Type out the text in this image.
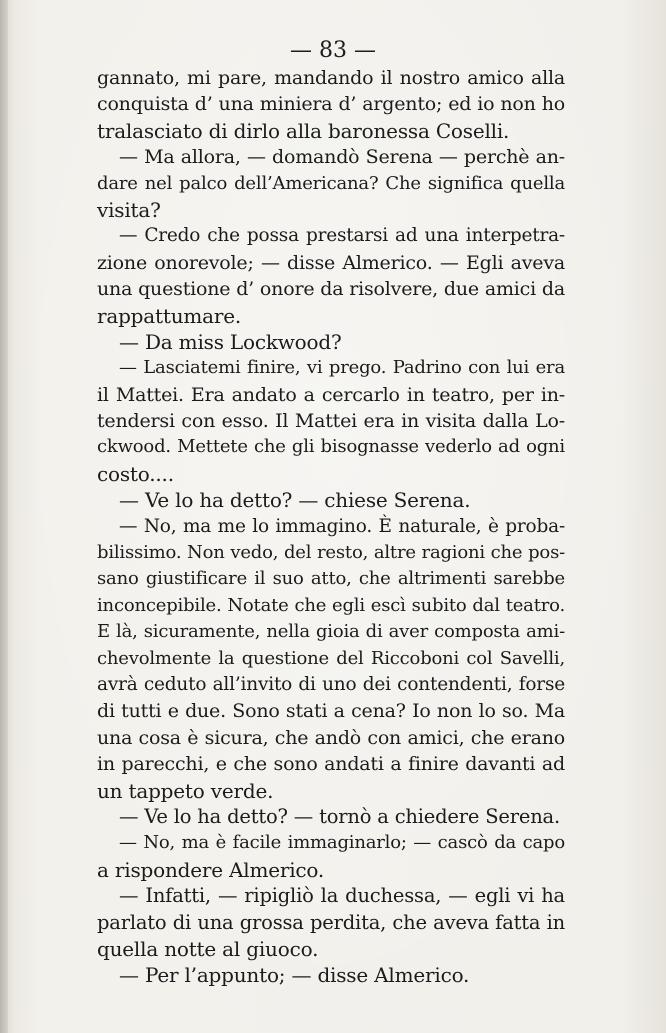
— 83 —
gannato, mi pare, mandando il nostro amico alla
conquista d’ una miniera d’ argento; ed io non ho
tralasciato di dirlo alla baronessa Coselli.
— Ma allora, — domandò Serena — perchè an-
dare nel palco dell’Americana? Che significa quella
visita?
— Credo che possa prestarsi ad una interpetra-
zione onorevole; — disse Almerico. — Egli aveva
una questione d’ onore da risolvere, due amici da
rappattumare.
— Da miss Lockwood?
— Lasciatemi finire, vi prego. Padrino con lui era
il Mattei. Era andato a cercarlo in teatro, per in-
tendersi con esso. Il Mattei era in visita dalla Lo-
ckwood. Mettete che gli bisognasse vederlo ad ogni
costo....
— Ve lo ha detto? — chiese Serena.
— No, ma me lo immagino. È naturale, è proba-
bilissimo. Non vedo, del resto, altre ragioni che pos-
sano giustificare il suo atto, che altrimenti sarebbe
inconcepibile. Notate che egli escì subito dal teatro.
E là, sicuramente, nella gioia di aver composta ami-
chevolmente la questione del Riccoboni col Savelli,
avrà ceduto all’invito di uno dei contendenti, forse
di tutti e due. Sono stati a cena? Io non lo so. Ma
una cosa è sicura, che andò con amici, che erano
in parecchi, e che sono andati a finire davanti ad
un tappeto verde.
— Ve lo ha detto? — tornò a chiedere Serena.
— No, ma è facile immaginarlo; — cascò da capo
a rispondere Almerico.
— Infatti, — ripigliò la duchessa, — egli vi ha
parlato di una grossa perdita, che aveva fatta in
quella notte al giuoco.
— Per l’appunto; — disse Almerico.
